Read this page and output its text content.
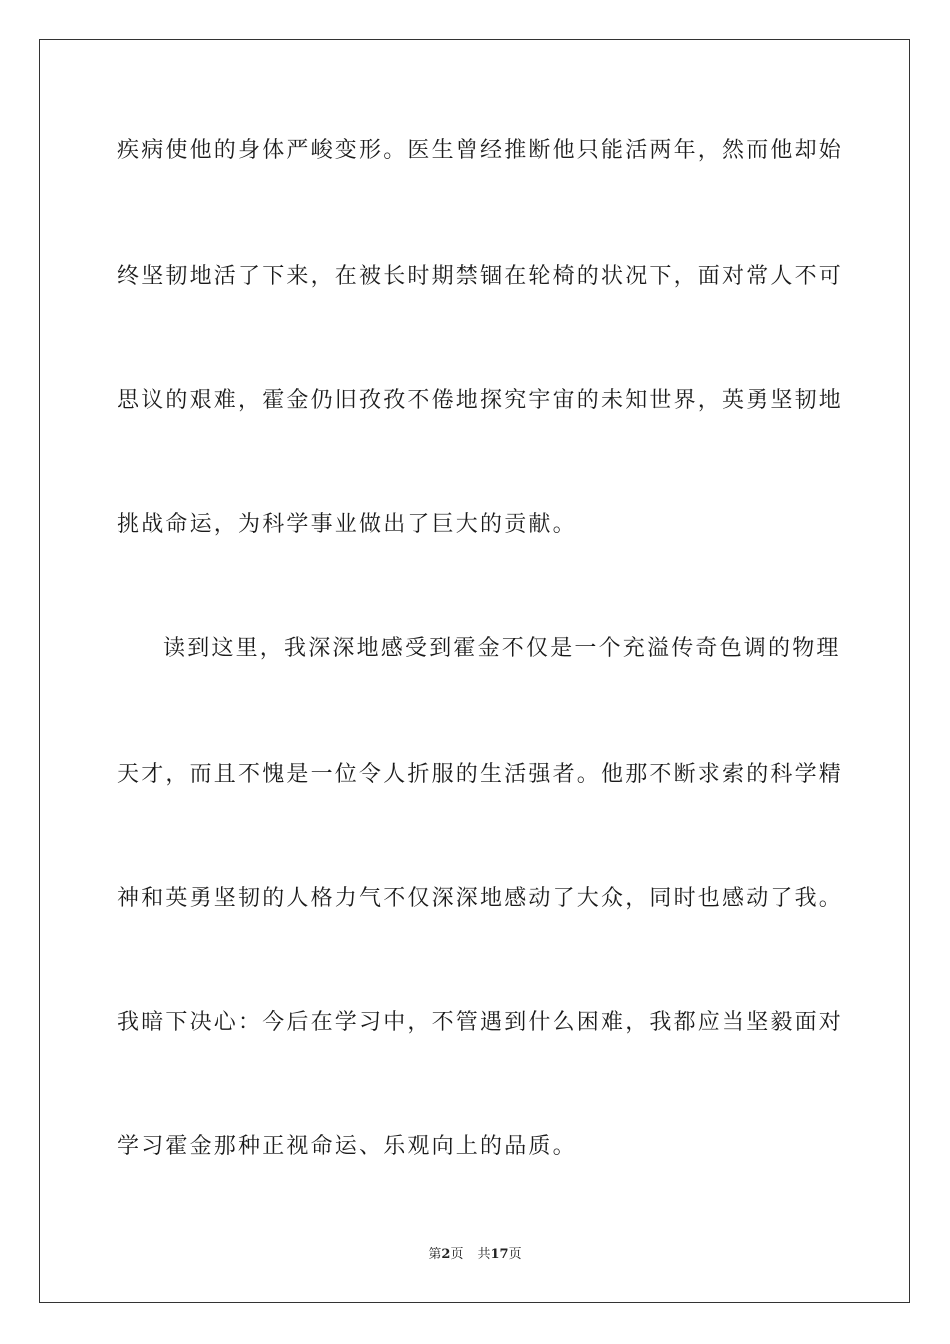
疾病使他的身体严峻变形。医生曾经推断他只能活两年，然而他却始
终坚韧地活了下来，在被长时期禁锢在轮椅的状况下，面对常人不可
思议的艰难，霍金仍旧孜孜不倦地探究宇宙的未知世界，英勇坚韧地
挑战命运，为科学事业做出了巨大的贡献。
读到这里，我深深地感受到霍金不仅是一个充溢传奇色调的物理
天才，而且不愧是一位令人折服的生活强者。他那不断求索的科学精
神和英勇坚韧的人格力气不仅深深地感动了大众，同时也感动了我。
我暗下决心：今后在学习中，不管遇到什么困难，我都应当坚毅面对
学习霍金那种正视命运、乐观向上的品质。
第2页 共17页
